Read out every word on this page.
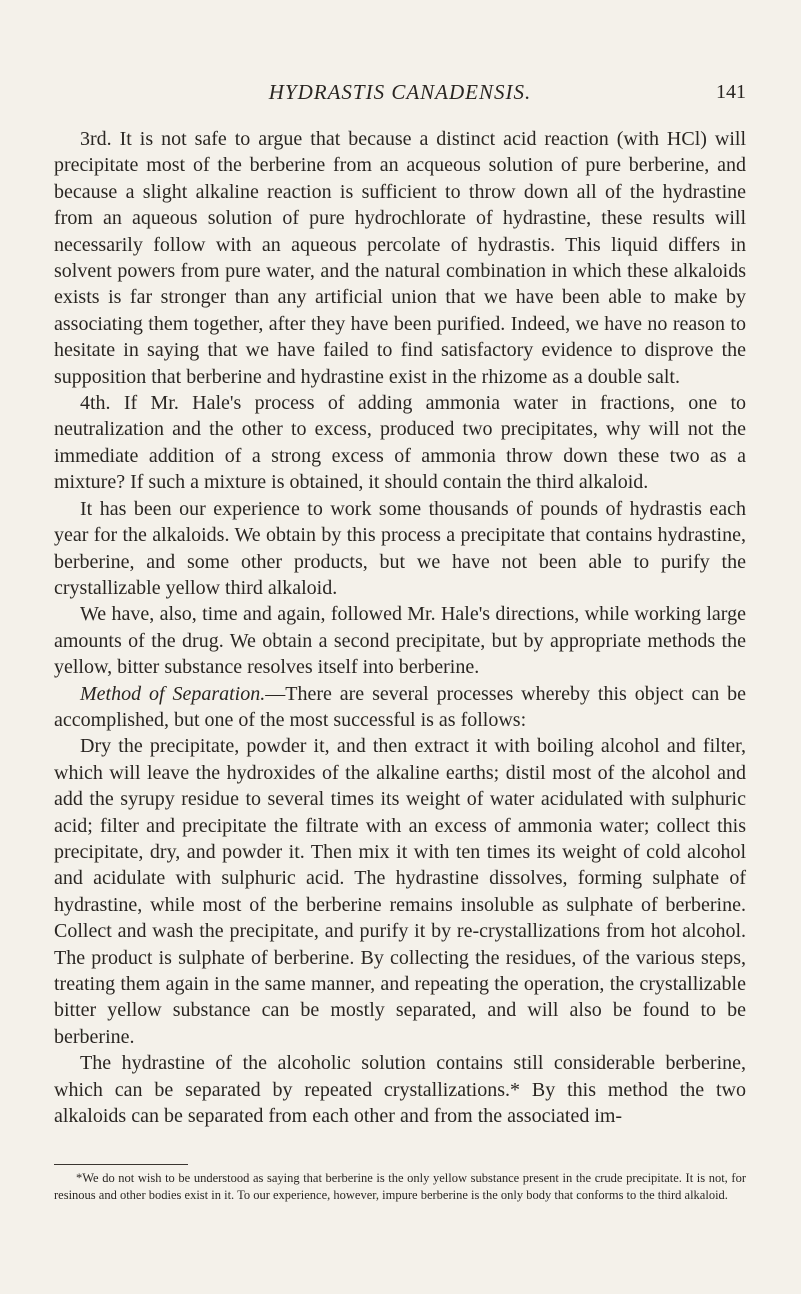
HYDRASTIS CANADENSIS.	141

3rd. It is not safe to argue that because a distinct acid reaction (with HCl) will precipitate most of the berberine from an acqueous solution of pure berberine, and because a slight alkaline reaction is sufficient to throw down all of the hydrastine from an aqueous solution of pure hydrochlorate of hydrastine, these results will necessarily follow with an aqueous percolate of hydrastis. This liquid differs in solvent powers from pure water, and the natural combination in which these alkaloids exists is far stronger than any artificial union that we have been able to make by associating them together, after they have been purified. Indeed, we have no reason to hesitate in saying that we have failed to find satisfactory evidence to disprove the supposition that berberine and hydrastine exist in the rhizome as a double salt.

4th. If Mr. Hale's process of adding ammonia water in fractions, one to neutralization and the other to excess, produced two precipitates, why will not the immediate addition of a strong excess of ammonia throw down these two as a mixture? If such a mixture is obtained, it should contain the third alkaloid.

It has been our experience to work some thousands of pounds of hydrastis each year for the alkaloids. We obtain by this process a precipitate that contains hydrastine, berberine, and some other products, but we have not been able to purify the crystallizable yellow third alkaloid.

We have, also, time and again, followed Mr. Hale's directions, while working large amounts of the drug. We obtain a second precipitate, but by appropriate methods the yellow, bitter substance resolves itself into berberine.

Method of Separation.—There are several processes whereby this object can be accomplished, but one of the most successful is as follows:

Dry the precipitate, powder it, and then extract it with boiling alcohol and filter, which will leave the hydroxides of the alkaline earths; distil most of the alcohol and add the syrupy residue to several times its weight of water acidulated with sulphuric acid; filter and precipitate the filtrate with an excess of ammonia water; collect this precipitate, dry, and powder it. Then mix it with ten times its weight of cold alcohol and acidulate with sulphuric acid. The hydrastine dissolves, forming sulphate of hydrastine, while most of the berberine remains insoluble as sulphate of berberine. Collect and wash the precipitate, and purify it by re-crystallizations from hot alcohol. The product is sulphate of berberine. By collecting the residues, of the various steps, treating them again in the same manner, and repeating the operation, the crystallizable bitter yellow substance can be mostly separated, and will also be found to be berberine.

The hydrastine of the alcoholic solution contains still considerable berberine, which can be separated by repeated crystallizations.* By this method the two alkaloids can be separated from each other and from the associated im-

*We do not wish to be understood as saying that berberine is the only yellow substance present in the crude precipitate. It is not, for resinous and other bodies exist in it. To our experience, however, impure berberine is the only body that conforms to the third alkaloid.
